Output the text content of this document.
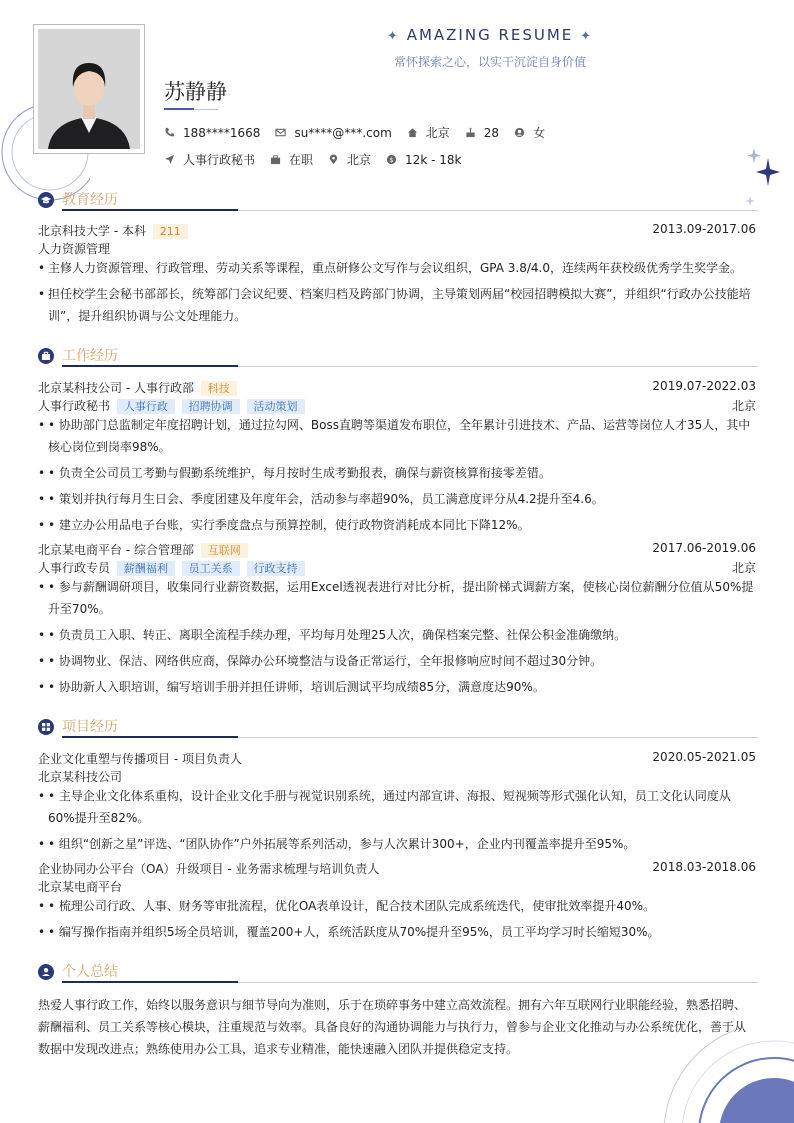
✦ AMAZING RESUME ✦
常怀探索之心，以实干沉淀自身价值
苏静静
188****1668	su****@***.com	北京	28	女
人事行政秘书	在职	北京	$ 12k - 18k
教育经历
北京科技大学 - 本科 211	2013.09-2017.06
人力资源管理
• 主修人力资源管理、行政管理、劳动关系等课程，重点研修公文写作与会议组织，GPA 3.8/4.0，连续两年获校级优秀学生奖学金。
• 担任校学生会秘书部部长，统筹部门会议纪要、档案归档及跨部门协调，主导策划两届“校园招聘模拟大赛”，并组织“行政办公技能培训”，提升组织协调与公文处理能力。
工作经历
北京某科技公司 - 人事行政部 科技	2019.07-2022.03
人事行政秘书 人事行政 招聘协调 活动策划	北京
• • 协助部门总监制定年度招聘计划，通过拉勾网、Boss直聘等渠道发布职位，全年累计引进技术、产品、运营等岗位人才35人，其中核心岗位到岗率98%。
• • 负责全公司员工考勤与假勤系统维护，每月按时生成考勤报表，确保与薪资核算衔接零差错。
• • 策划并执行每月生日会、季度团建及年度年会，活动参与率超90%，员工满意度评分从4.2提升至4.6。
• • 建立办公用品电子台账，实行季度盘点与预算控制，使行政物资消耗成本同比下降12%。
北京某电商平台 - 综合管理部 互联网	2017.06-2019.06
人事行政专员 薪酬福利 员工关系 行政支持	北京
• • 参与薪酬调研项目，收集同行业薪资数据，运用Excel透视表进行对比分析，提出阶梯式调薪方案，使核心岗位薪酬分位值从50%提升至70%。
• • 负责员工入职、转正、离职全流程手续办理，平均每月处理25人次，确保档案完整、社保公积金准确缴纳。
• • 协调物业、保洁、网络供应商，保障办公环境整洁与设备正常运行，全年报修响应时间不超过30分钟。
• • 协助新人入职培训，编写培训手册并担任讲师，培训后测试平均成绩85分，满意度达90%。
项目经历
企业文化重塑与传播项目 - 项目负责人	2020.05-2021.05
北京某科技公司
• • 主导企业文化体系重构，设计企业文化手册与视觉识别系统，通过内部宣讲、海报、短视频等形式强化认知，员工文化认同度从60%提升至82%。
• • 组织“创新之星”评选、“团队协作”户外拓展等系列活动，参与人次累计300+，企业内刊覆盖率提升至95%。
企业协同办公平台（OA）升级项目 - 业务需求梳理与培训负责人	2018.03-2018.06
北京某电商平台
• • 梳理公司行政、人事、财务等审批流程，优化OA表单设计，配合技术团队完成系统迭代，使审批效率提升40%。
• • 编写操作指南并组织5场全员培训，覆盖200+人，系统活跃度从70%提升至95%，员工平均学习时长缩短30%。
个人总结
热爱人事行政工作，始终以服务意识与细节导向为准则，乐于在琐碎事务中建立高效流程。拥有六年互联网行业职能经验，熟悉招聘、薪酬福利、员工关系等核心模块，注重规范与效率。具备良好的沟通协调能力与执行力，曾参与企业文化推动与办公系统优化，善于从数据中发现改进点；熟练使用办公工具，追求专业精准，能快速融入团队并提供稳定支持。
